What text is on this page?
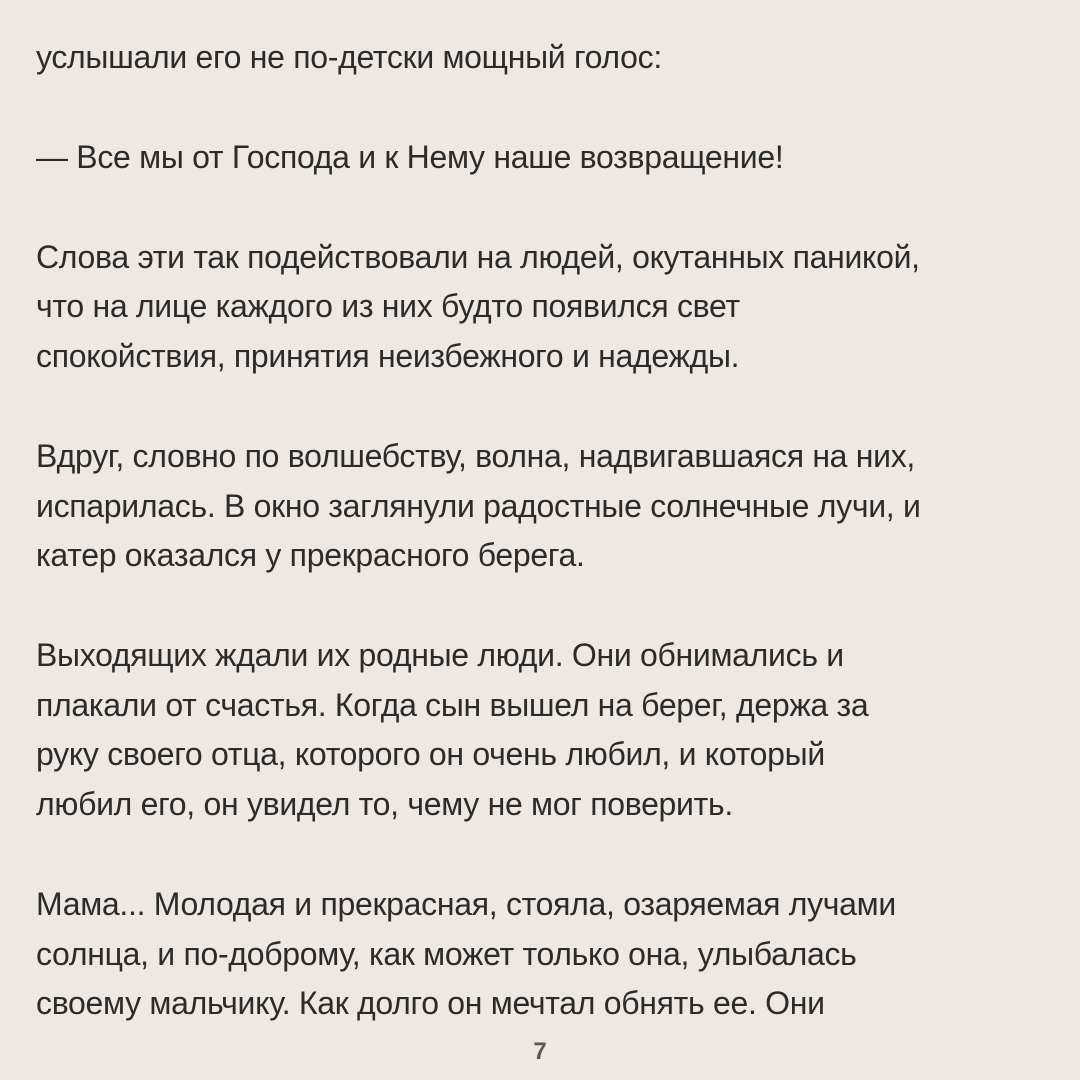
услышали его не по-детски мощный голос:

— Все мы от Господа и к Нему наше возвращение!

Слова эти так подействовали на людей, окутанных паникой,

что на лице каждого из них будто появился свет

спокойствия, принятия неизбежного и надежды.

Вдруг, словно по волшебству, волна, надвигавшаяся на них,

испарилась. В окно заглянули радостные солнечные лучи, и

катер оказался у прекрасного берега.

Выходящих ждали их родные люди. Они обнимались и

плакали от счастья. Когда сын вышел на берег, держа за

руку своего отца, которого он очень любил, и который

любил его, он увидел то, чему не мог поверить.

Мама... Молодая и прекрасная, стояла, озаряемая лучами

солнца, и по-доброму, как может только она, улыбалась

своему мальчику. Как долго он мечтал обнять ее. Они

7
